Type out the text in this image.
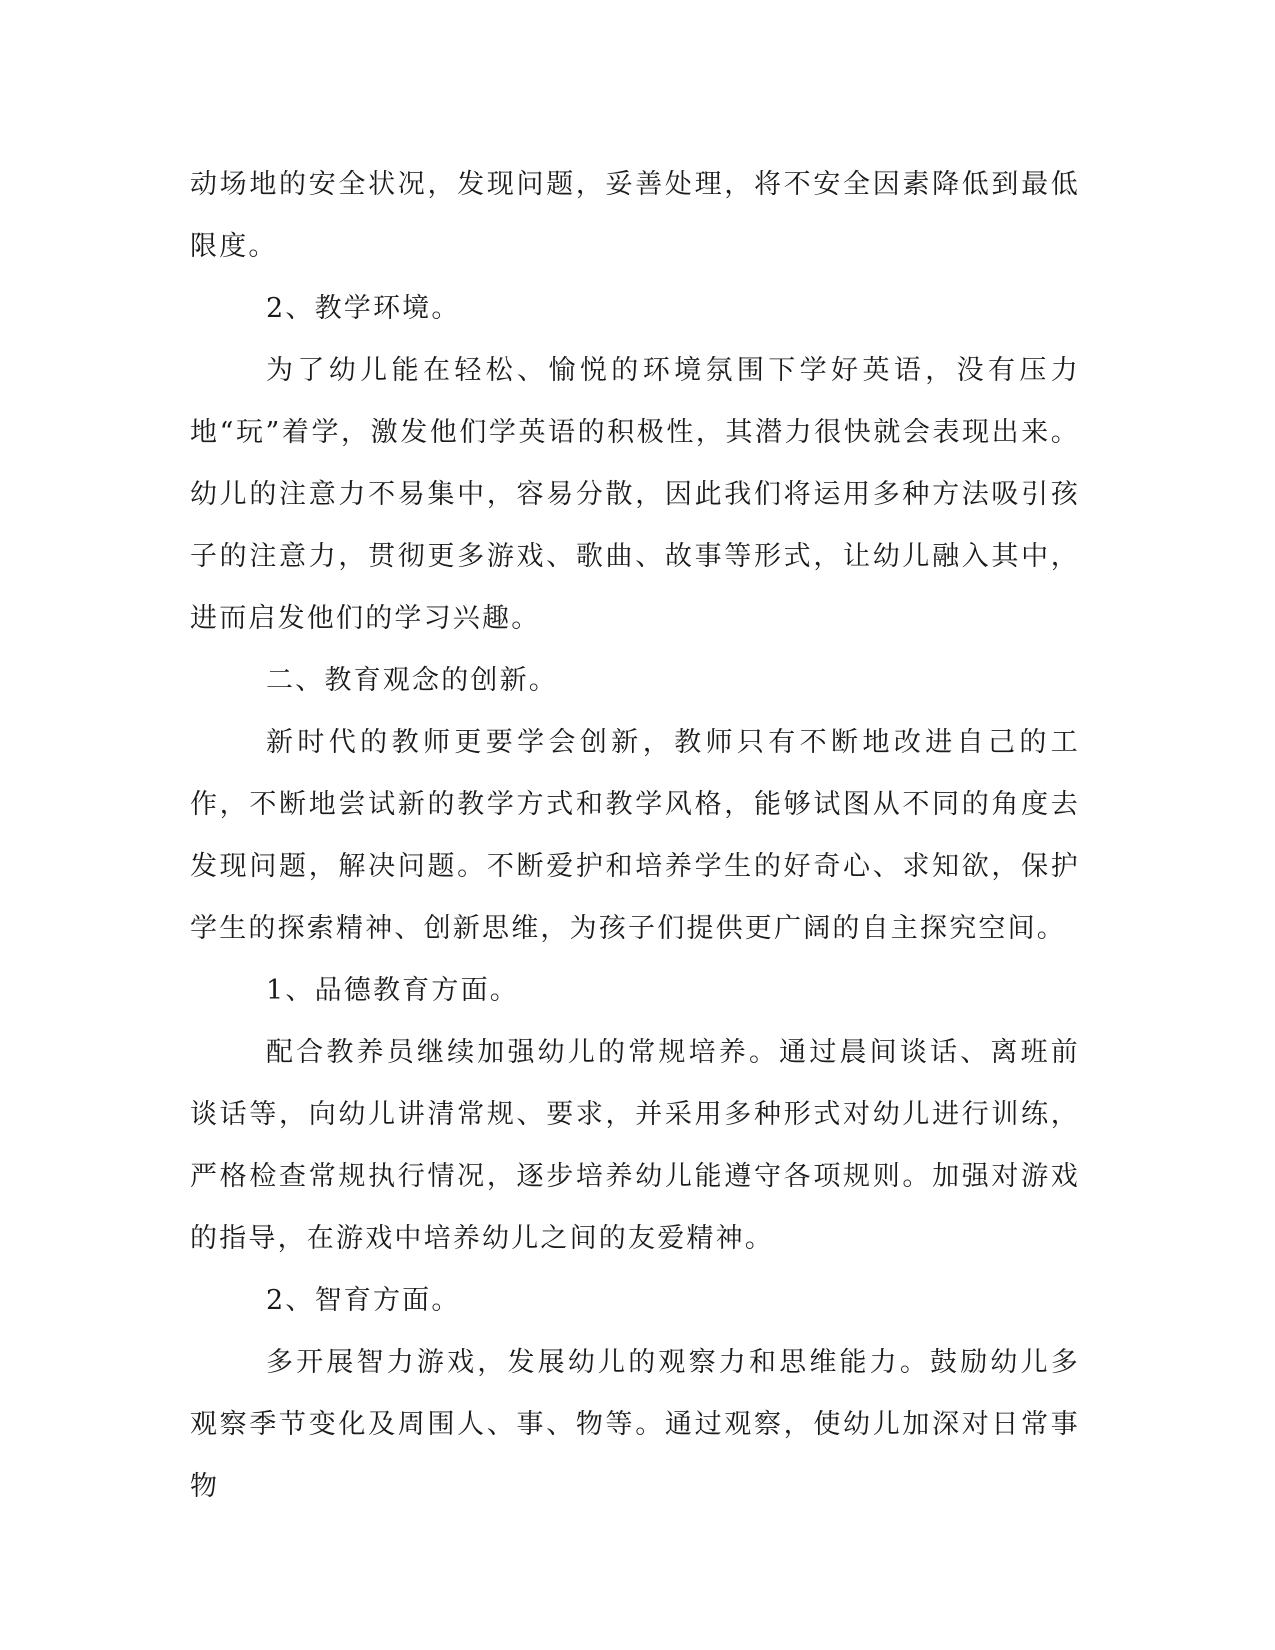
动场地的安全状况，发现问题，妥善处理，将不安全因素降低到最低限度。

2、教学环境。

为了幼儿能在轻松、愉悦的环境氛围下学好英语，没有压力地“玩”着学，激发他们学英语的积极性，其潜力很快就会表现出来。幼儿的注意力不易集中，容易分散，因此我们将运用多种方法吸引孩子的注意力，贯彻更多游戏、歌曲、故事等形式，让幼儿融入其中，进而启发他们的学习兴趣。

二、教育观念的创新。

新时代的教师更要学会创新，教师只有不断地改进自己的工作，不断地尝试新的教学方式和教学风格，能够试图从不同的角度去发现问题，解决问题。不断爱护和培养学生的好奇心、求知欲，保护学生的探索精神、创新思维，为孩子们提供更广阔的自主探究空间。

1、品德教育方面。

配合教养员继续加强幼儿的常规培养。通过晨间谈话、离班前谈话等，向幼儿讲清常规、要求，并采用多种形式对幼儿进行训练，严格检查常规执行情况，逐步培养幼儿能遵守各项规则。加强对游戏的指导，在游戏中培养幼儿之间的友爱精神。

2、智育方面。

多开展智力游戏，发展幼儿的观察力和思维能力。鼓励幼儿多观察季节变化及周围人、事、物等。通过观察，使幼儿加深对日常事物
